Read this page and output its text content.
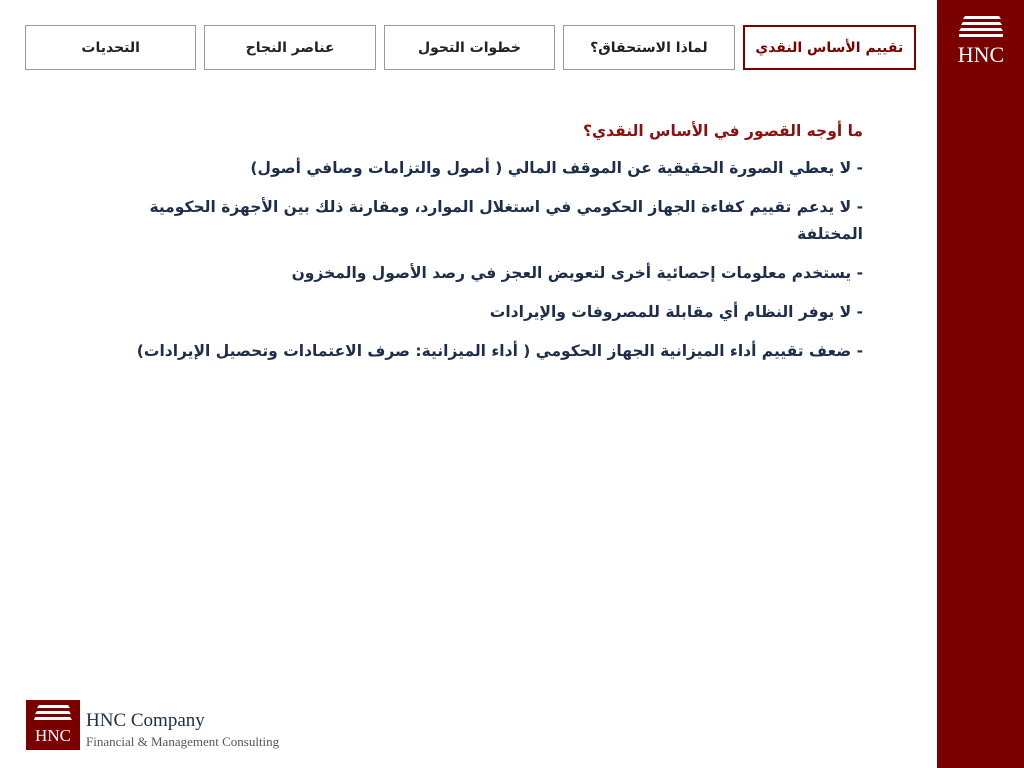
HNC
تقييم الأساس النقدي
لماذا الاستحقاق؟
خطوات التحول
عناصر النجاح
التحديات
ما أوجه القصور في الأساس النقدي؟
- لا يعطي الصورة الحقيقية عن الموقف المالي ( أصول والتزامات وصافي أصول)
- لا يدعم تقييم كفاءة الجهاز الحكومي في استغلال الموارد، ومقارنة ذلك بين الأجهزة الحكومية المختلفة
- يستخدم معلومات إحصائية أخرى لتعويض العجز في رصد الأصول والمخزون
- لا يوفر النظام أي مقابلة للمصروفات والإيرادات
- ضعف تقييم أداء الميزانية الجهاز الحكومي ( أداء الميزانية: صرف الاعتمادات وتحصيل الإيرادات)
HNC
HNC Company
Financial & Management Consulting
